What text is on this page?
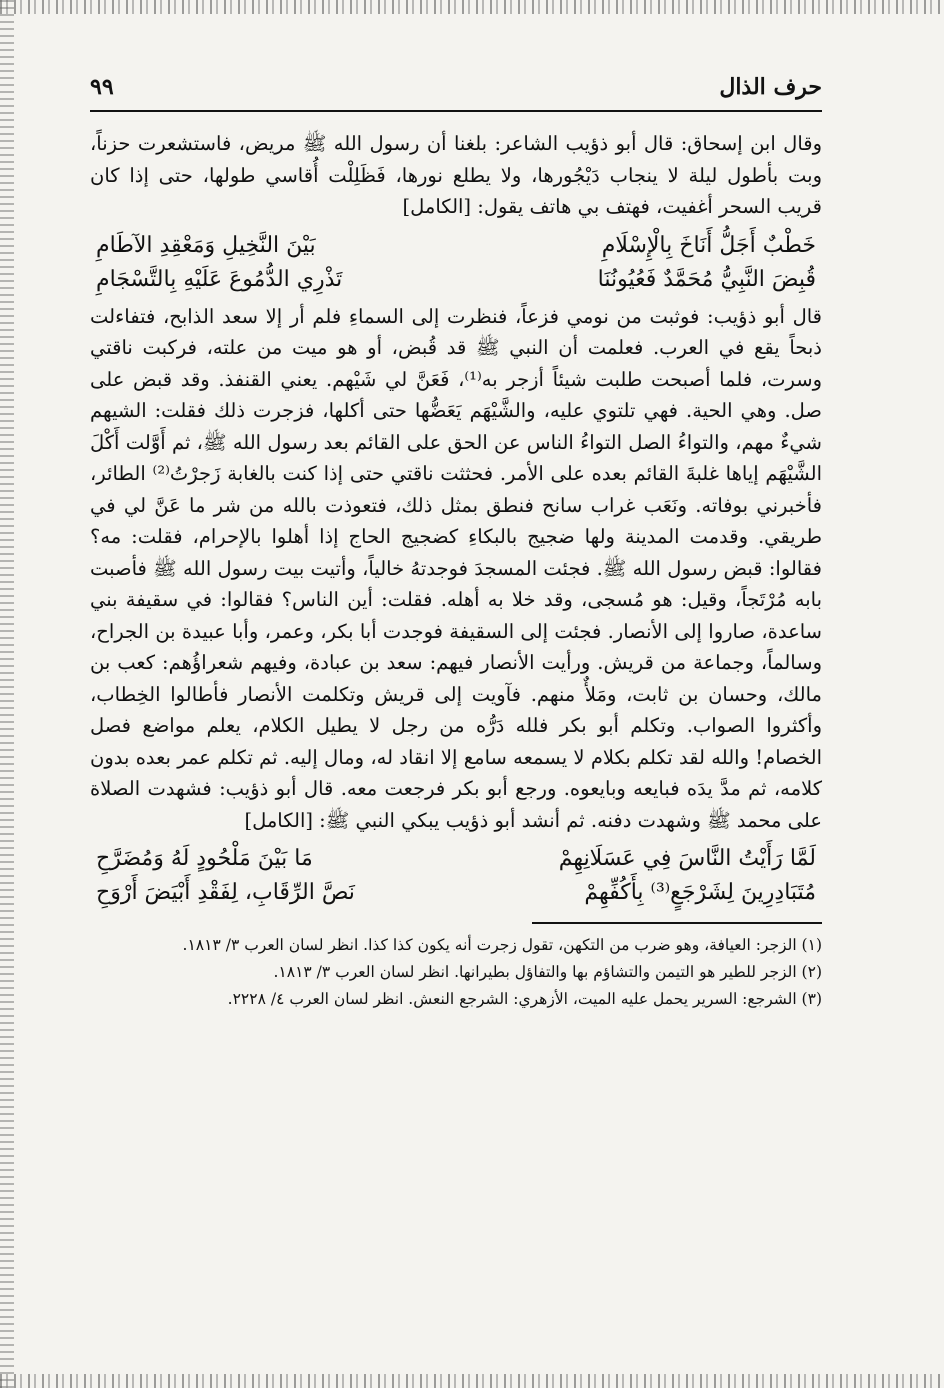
حرف الذال
٩٩

وقال ابن إسحاق: قال أبو ذؤيب الشاعر: بلغنا أن رسول الله ﷺ مريض، فاستشعرت حزناً، وبت بأطول ليلة لا ينجاب دَيْجُورها، ولا يطلع نورها، فَظَلِلْت أُقاسي طولها، حتى إذا كان قريب السحر أغفيت، فهتف بي هاتف يقول: [الكامل]

خَطْبٌ أَجَلُّ أَنَاخَ بِالْإِسْلَامِ
بَيْنَ النَّخِيلِ وَمَعْقِدِ الآطَامِ
قُبِضَ النَّبِيُّ مُحَمَّدٌ فَعُيُونُنَا
تَذْرِي الدُّمُوعَ عَلَيْهِ بِالتَّسْجَامِ

قال أبو ذؤيب: فوثبت من نومي فزعاً، فنظرت إلى السماءِ فلم أر إلا سعد الذابح، فتفاءلت ذبحاً يقع في العرب. فعلمت أن النبي ﷺ قد قُبض، أو هو ميت من علته، فركبت ناقتي وسرت، فلما أصبحت طلبت شيئاً أزجر به⁽¹⁾، فَعَنَّ لي شَيْهم. يعني القنفذ. وقد قبض على صل. وهي الحية. فهي تلتوي عليه، والشَّيْهَم يَعَضُّها حتى أكلها، فزجرت ذلك فقلت: الشيهم شيءٌ مهم، والتواءُ الصل التواءُ الناس عن الحق على القائم بعد رسول الله ﷺ، ثم أَوَّلت أَكْلَ الشَّيْهَم إياها غلبةَ القائم بعده على الأمر. فحثثت ناقتي حتى إذا كنت بالغابة زَجرْتُ⁽²⁾ الطائر، فأخبرني بوفاته. ونَعَب غراب سانح فنطق بمثل ذلك، فتعوذت بالله من شر ما عَنَّ لي في طريقي. وقدمت المدينة ولها ضجيج بالبكاءِ كضجيج الحاج إذا أهلوا بالإحرام، فقلت: مه؟ فقالوا: قبض رسول الله ﷺ. فجئت المسجدَ فوجدتهُ خالياً، وأتيت بيت رسول الله ﷺ فأصبت بابه مُرْتَجاً، وقيل: هو مُسجى، وقد خلا به أهله. فقلت: أين الناس؟ فقالوا: في سقيفة بني ساعدة، صاروا إلى الأنصار. فجئت إلى السقيفة فوجدت أبا بكر، وعمر، وأبا عبيدة بن الجراح، وسالماً، وجماعة من قريش. ورأيت الأنصار فيهم: سعد بن عبادة، وفيهم شعراؤُهم: كعب بن مالك، وحسان بن ثابت، ومَلأٌ منهم. فآويت إلى قريش وتكلمت الأنصار فأطالوا الخِطاب، وأكثروا الصواب. وتكلم أبو بكر فلله دَرُّه من رجل لا يطيل الكلام، يعلم مواضع فصل الخصام! والله لقد تكلم بكلام لا يسمعه سامع إلا انقاد له، ومال إليه. ثم تكلم عمر بعده بدون كلامه، ثم مدَّ يدَه فبايعه وبايعوه. ورجع أبو بكر فرجعت معه. قال أبو ذؤيب: فشهدت الصلاة على محمد ﷺ وشهدت دفنه. ثم أنشد أبو ذؤيب يبكي النبي ﷺ: [الكامل]

لَمَّا رَأَيْتُ النَّاسَ فِي عَسَلَانِهِمْ
مَا بَيْنَ مَلْحُودٍ لَهُ وَمُضَرَّحِ
مُتَبَادِرِينَ لِشَرْجَعٍ⁽³⁾ بِأَكُفِّهِمْ
نَصَّ الرِّقَابِ، لِفَقْدِ أَبْيَضَ أَرْوَحِ

(١) الزجر: العيافة، وهو ضرب من التكهن، تقول زجرت أنه يكون كذا كذا. انظر لسان العرب ٣/ ١٨١٣.

(٢) الزجر للطير هو التيمن والتشاؤم بها والتفاؤل بطيرانها. انظر لسان العرب ٣/ ١٨١٣.

(٣) الشرجع: السرير يحمل عليه الميت، الأزهري: الشرجع النعش. انظر لسان العرب ٤/ ٢٢٢٨.
